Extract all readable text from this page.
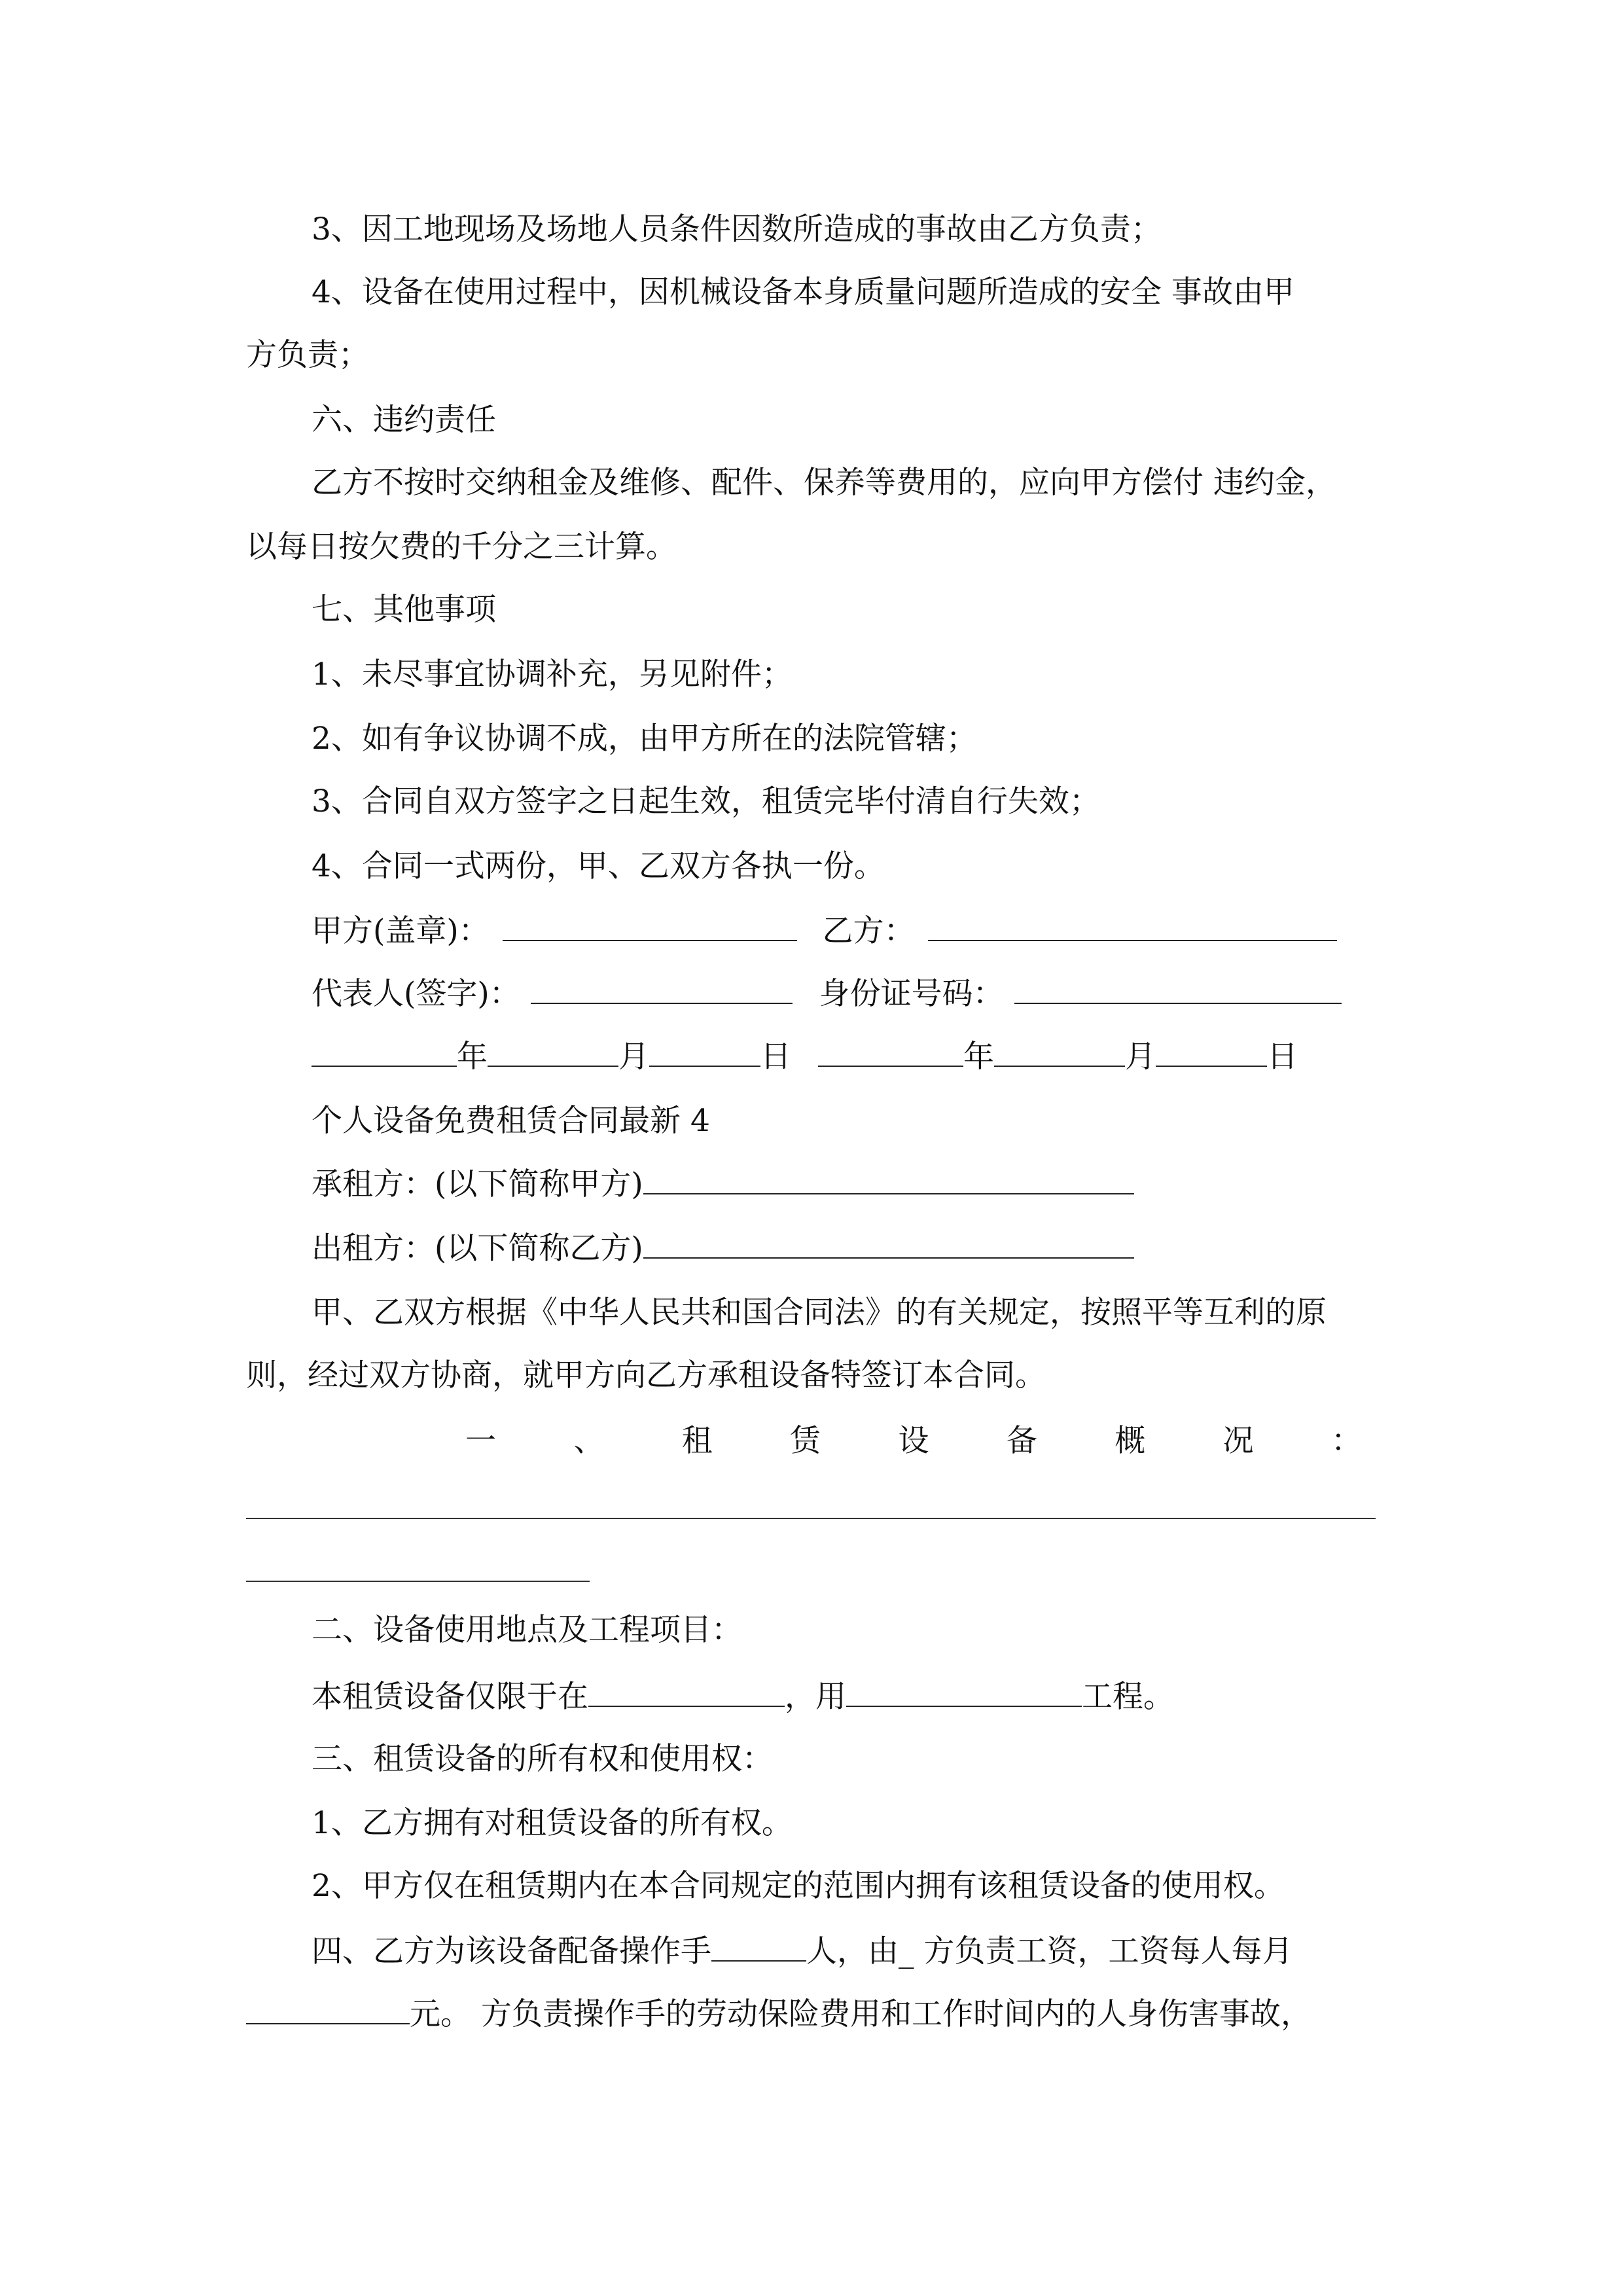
3、因工地现场及场地人员条件因数所造成的事故由乙方负责；
4、设备在使用过程中，因机械设备本身质量问题所造成的安全 事故由甲
方负责；
六、违约责任
乙方不按时交纳租金及维修、配件、保养等费用的，应向甲方偿付 违约金，
以每日按欠费的千分之三计算。
七、其他事项
1、未尽事宜协调补充，另见附件；
2、如有争议协调不成，由甲方所在的法院管辖；
3、合同自双方签字之日起生效，租赁完毕付清自行失效；
4、合同一式两份，甲、乙双方各执一份。
甲方(盖章)：	乙方：
代表人(签字)：	身份证号码：
年	月	日	年	月	日
个人设备免费租赁合同最新 4
承租方：(以下简称甲方)
出租方：(以下简称乙方)
甲、乙双方根据《中华人民共和国合同法》的有关规定，按照平等互利的原
则，经过双方协商，就甲方向乙方承租设备特签订本合同。
一	、	租	赁	设	备	概	况	：
二、设备使用地点及工程项目：
本租赁设备仅限于在	，用	工程。
三、租赁设备的所有权和使用权：
1、乙方拥有对租赁设备的所有权。
2、甲方仅在租赁期内在本合同规定的范围内拥有该租赁设备的使用权。
四、乙方为该设备配备操作手	人，由_ 方负责工资，工资每人每月
元。 方负责操作手的劳动保险费用和工作时间内的人身伤害事故，
